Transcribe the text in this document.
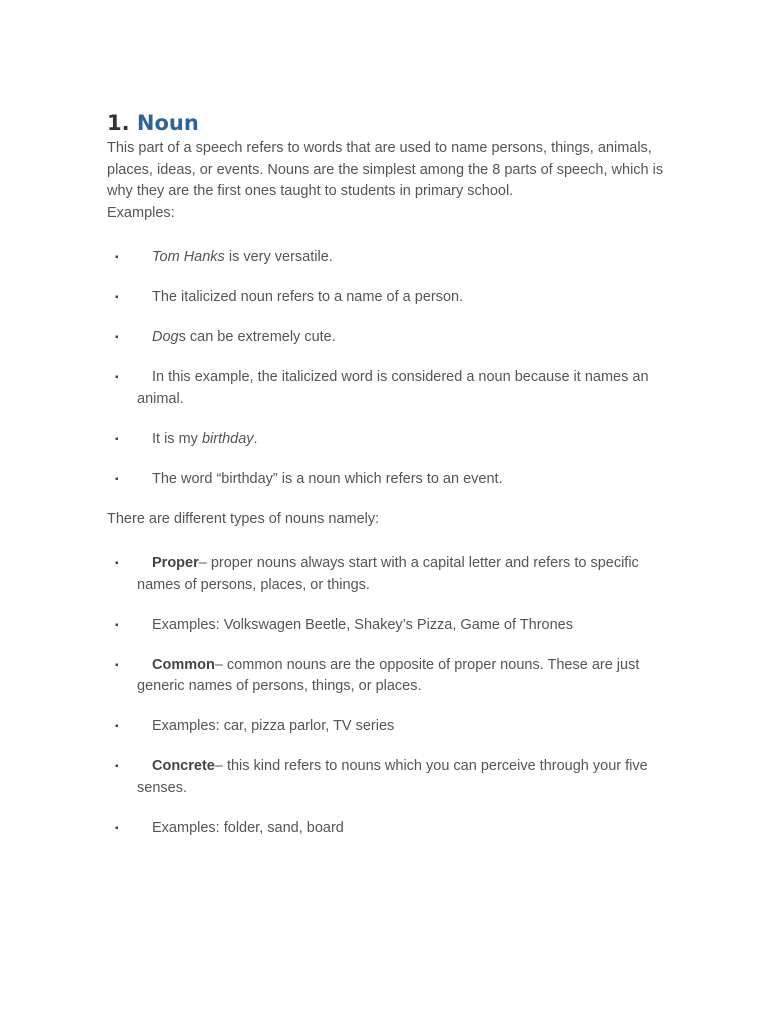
1. Noun

This part of a speech refers to words that are used to name persons, things, animals, places, ideas, or events. Nouns are the simplest among the 8 parts of speech, which is why they are the first ones taught to students in primary school.

Examples:

▪ Tom Hanks is very versatile.
▪ The italicized noun refers to a name of a person.
▪ Dogs can be extremely cute.
▪ In this example, the italicized word is considered a noun because it names an animal.
▪ It is my birthday.
▪ The word “birthday” is a noun which refers to an event.

There are different types of nouns namely:

▪ Proper– proper nouns always start with a capital letter and refers to specific names of persons, places, or things.
▪ Examples: Volkswagen Beetle, Shakey’s Pizza, Game of Thrones
▪ Common– common nouns are the opposite of proper nouns. These are just generic names of persons, things, or places.
▪ Examples: car, pizza parlor, TV series
▪ Concrete– this kind refers to nouns which you can perceive through your five senses.
▪ Examples: folder, sand, board
